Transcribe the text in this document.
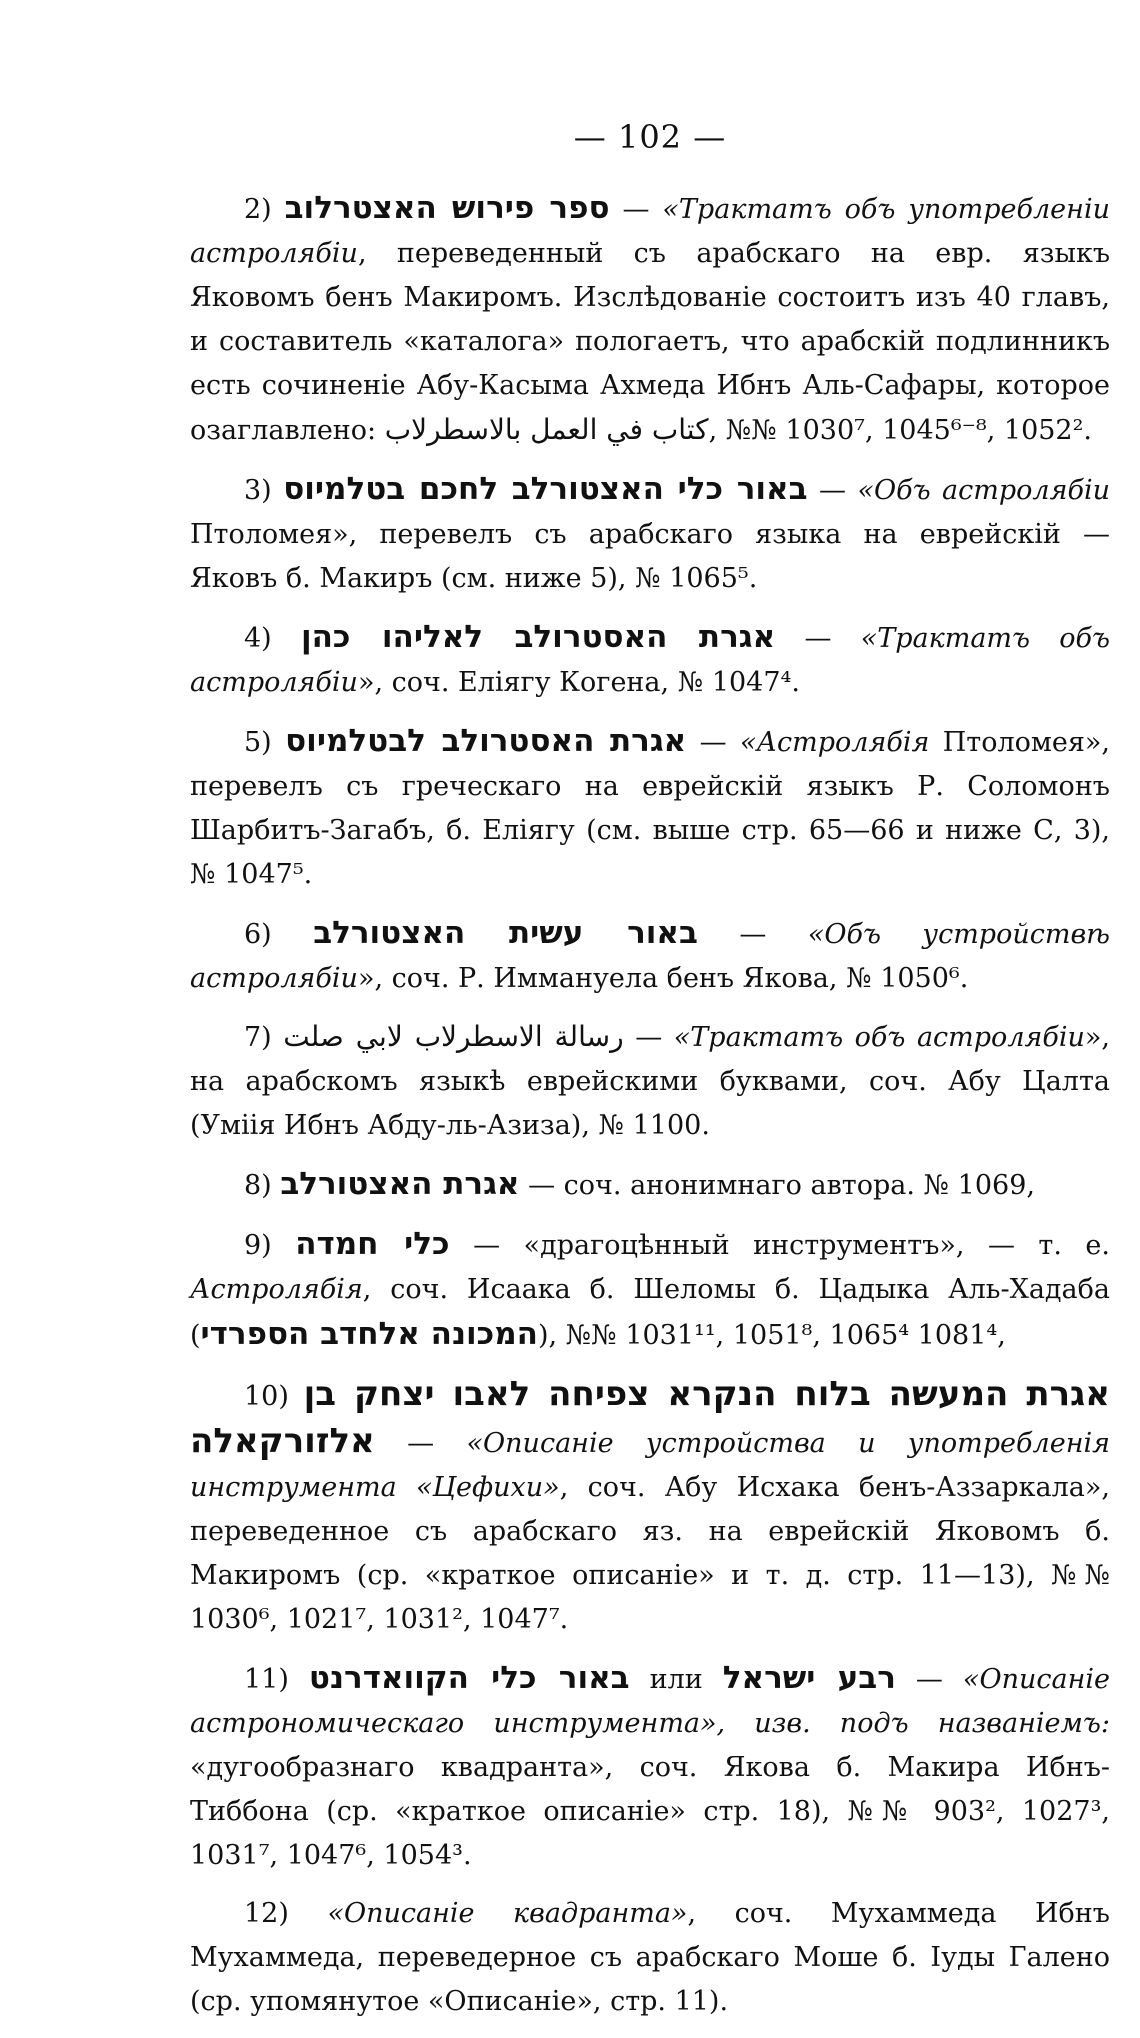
— 102 —

2) ספר פירוש האצטרלוב — «Трактатъ объ употребленіи астролябіи, переведенный съ арабскаго на евр. языкъ Яковомъ бенъ Макиромъ. Изслѣдованіе состоитъ изъ 40 главъ, и составитель «каталога» пологаетъ, что арабскій подлинникъ есть сочиненіе Абу-Касыма Ахмеда Ибнъ Аль-Сафары, которое озаглавлено: كتاب في العمل بالاسطرلاب, №№ 1030⁷, 1045⁶⁻⁸, 1052².

3) באור כלי האצטורלב לחכם בטלמיוס — «Объ астролябіи Птоломея», перевелъ съ арабскаго языка на еврейскій — Яковъ б. Макиръ (см. ниже 5), № 1065⁵.

4) אגרת האסטרולב לאליהו כהן — «Трактатъ объ астролябіи», соч. Еліягу Когена, № 1047⁴.

5) אגרת האסטרולב לבטלמיוס — «Астролябія Птоломея», перевелъ съ греческаго на еврейскій языкъ Р. Соломонъ Шарбитъ-Загабъ, б. Еліягу (см. выше стр. 65—66 и ниже С, 3), № 1047⁵.

6) באור עשית האצטורלב — «Объ устройствѣ астролябіи», соч. Р. Иммануела бенъ Якова, № 1050⁶.

7) رسالة الاسطرلاب لابي صلت — «Трактатъ объ астролябіи», на арабскомъ языкѣ еврейскими буквами, соч. Абу Цалта (Уміія Ибнъ Абду-ль-Азиза), № 1100.

8) אגרת האצטורלב — соч. анонимнаго автора. № 1069,

9) כלי חמדה — «драгоцѣнный инструментъ», — т. е. Астролябія, соч. Исаака б. Шеломы б. Цадыка Аль-Хадаба (המכונה אלחדב הספרדי), №№ 1031¹¹, 1051⁸, 1065⁴ 1081⁴,

10) אגרת המעשה בלוח הנקרא צפיחה לאבו יצחק בן אלזורקאלה — «Описаніе устройства и употребленія инструмента «Цефихи», соч. Абу Исхака бенъ-Аззаркала», переведенное съ арабскаго яз. на еврейскій Яковомъ б. Макиромъ (ср. «краткое описаніе» и т. д. стр. 11—13), №№ 1030⁶, 1021⁷, 1031², 1047⁷.

11) באור כלי הקוואדרנט или רבע ישראל — «Описаніе астрономическаго инструмента», изв. подъ названіемъ: «дугообразнаго квадранта», соч. Якова б. Макира Ибнъ-Тиббона (ср. «краткое описаніе» стр. 18), №№ 903², 1027³, 1031⁷, 1047⁶, 1054³.

12) «Описаніе квадранта», соч. Мухаммеда Ибнъ Мухаммеда, переведерное съ арабскаго Моше б. Іуды Галено (ср. упомянутое «Описаніе», стр. 11).
